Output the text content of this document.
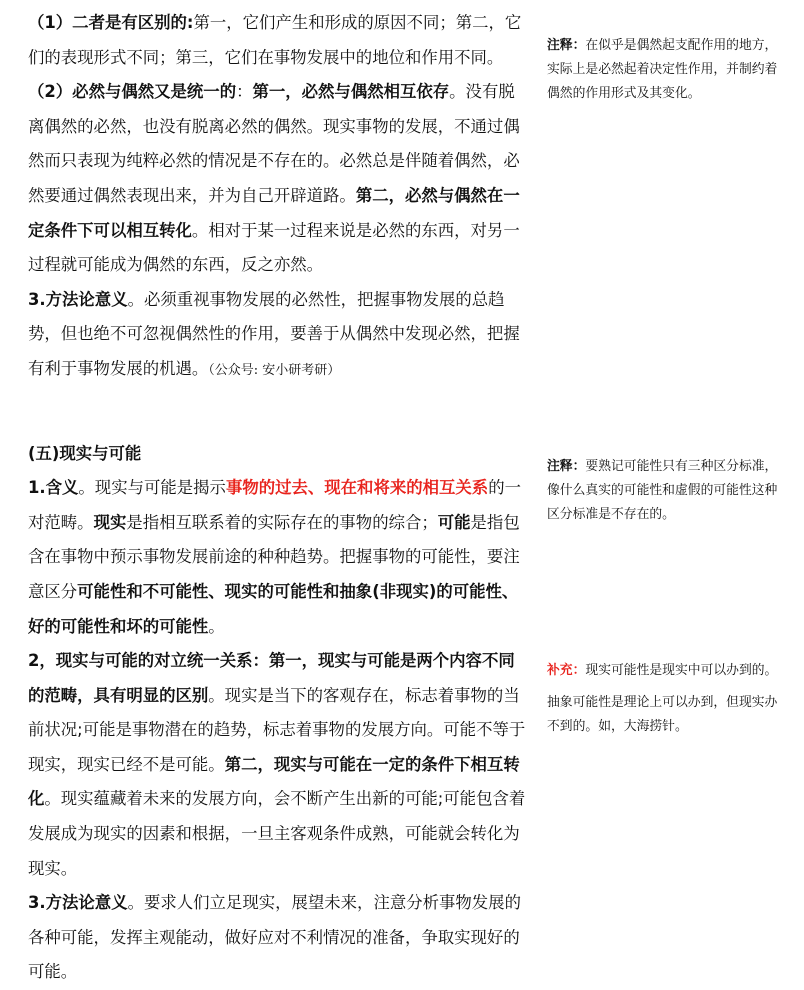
（1）二者是有区别的:第一，它们产生和形成的原因不同；第二，它们的表现形式不同；第三，它们在事物发展中的地位和作用不同。

（2）必然与偶然又是统一的：第一，必然与偶然相互依存。没有脱离偶然的必然，也没有脱离必然的偶然。现实事物的发展，不通过偶然而只表现为纯粹必然的情况是不存在的。必然总是伴随着偶然，必然要通过偶然表现出来，并为自己开辟道路。第二，必然与偶然在一定条件下可以相互转化。相对于某一过程来说是必然的东西，对另一过程就可能成为偶然的东西，反之亦然。

3.方法论意义。必须重视事物发展的必然性，把握事物发展的总趋势，但也绝不可忽视偶然性的作用，要善于从偶然中发现必然，把握有利于事物发展的机遇。（公众号: 安小研考研）

(五)现实与可能

1.含义。现实与可能是揭示事物的过去、现在和将来的相互关系的一对范畴。现实是指相互联系着的实际存在的事物的综合；可能是指包含在事物中预示事物发展前途的种种趋势。把握事物的可能性，要注意区分可能性和不可能性、现实的可能性和抽象(非现实)的可能性、好的可能性和坏的可能性。

2，现实与可能的对立统一关系：第一，现实与可能是两个内容不同的范畴，具有明显的区别。现实是当下的客观存在，标志着事物的当前状况;可能是事物潜在的趋势，标志着事物的发展方向。可能不等于现实，现实已经不是可能。第二，现实与可能在一定的条件下相互转化。现实蕴藏着未来的发展方向，会不断产生出新的可能;可能包含着发展成为现实的因素和根据，一旦主客观条件成熟，可能就会转化为现实。

3.方法论意义。要求人们立足现实，展望未来，注意分析事物发展的各种可能，发挥主观能动，做好应对不利情况的准备，争取实现好的可能。

注释：在似乎是偶然起支配作用的地方，实际上是必然起着决定性作用，并制约着偶然的作用形式及其变化。

注释：要熟记可能性只有三种区分标准，像什么真实的可能性和虚假的可能性这种区分标准是不存在的。

补充：现实可能性是现实中可以办到的。

抽象可能性是理论上可以办到，但现实办不到的。如，大海捞针。
